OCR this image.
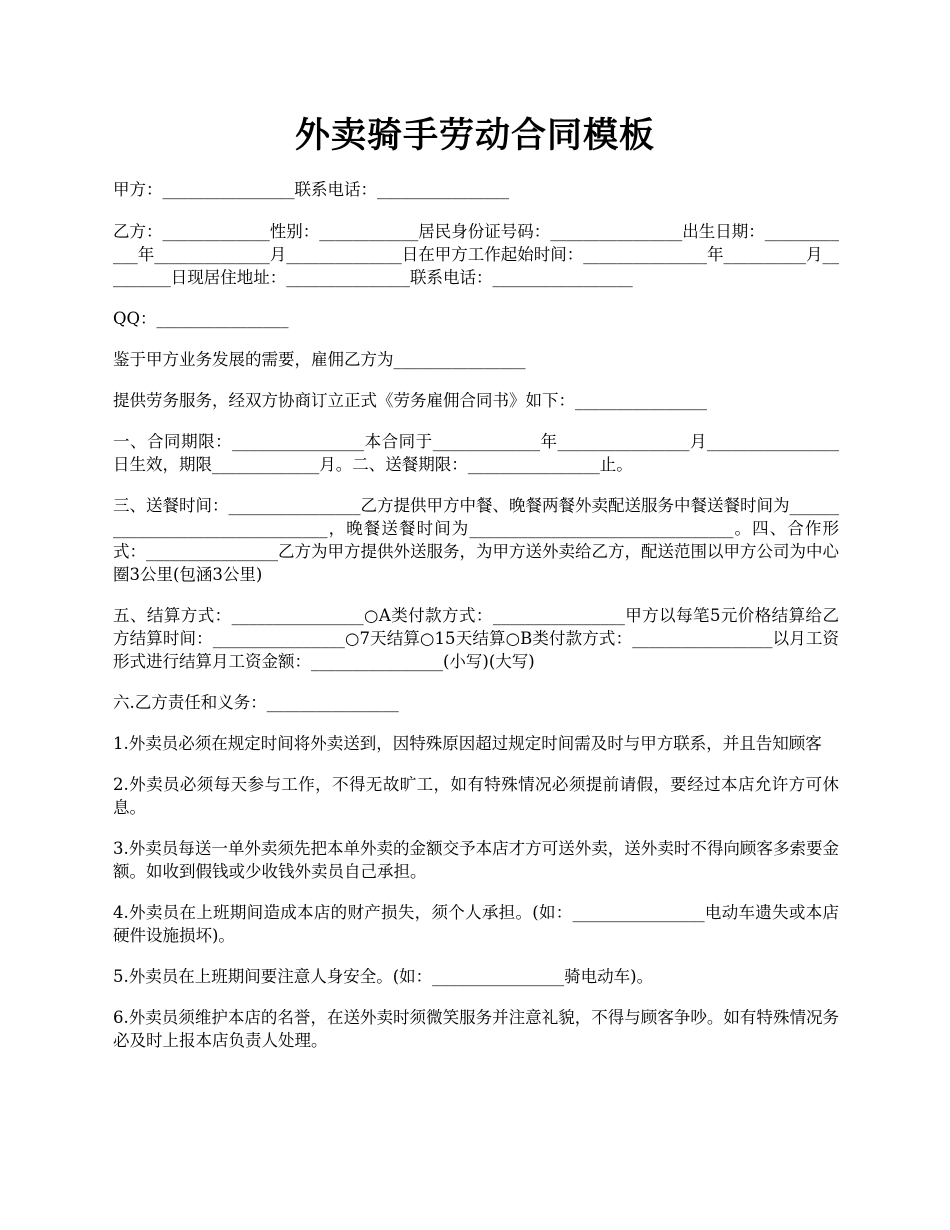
外卖骑手劳动合同模板

甲方：________________联系电话：________________

乙方：_____________性别：____________居民身份证号码：________________出生日期：____________年______________月______________日在甲方工作起始时间：_______________年__________月_________日现居住地址：_______________联系电话：_________________

QQ：________________

鉴于甲方业务发展的需要，雇佣乙方为________________

提供劳务服务，经双方协商订立正式《劳务雇佣合同书》如下：________________

一、合同期限：________________本合同于_____________年________________月________________日生效，期限_____________月。二、送餐期限：________________止。

三、送餐时间：________________乙方提供甲方中餐、晚餐两餐外卖配送服务中餐送餐时间为________________________________，晚餐送餐时间为________________________________。四、合作形式：________________乙方为甲方提供外送服务，为甲方送外卖给乙方，配送范围以甲方公司为中心圈3公里(包涵3公里)

五、结算方式：________________○A类付款方式：________________甲方以每笔5元价格结算给乙方结算时间：________________○7天结算○15天结算○B类付款方式：_________________以月工资形式进行结算月工资金额：________________(小写)(大写)

六.乙方责任和义务：________________

1.外卖员必须在规定时间将外卖送到，因特殊原因超过规定时间需及时与甲方联系，并且告知顾客

2.外卖员必须每天参与工作，不得无故旷工，如有特殊情况必须提前请假，要经过本店允许方可休息。

3.外卖员每送一单外卖须先把本单外卖的金额交予本店才方可送外卖，送外卖时不得向顾客多索要金额。如收到假钱或少收钱外卖员自己承担。

4.外卖员在上班期间造成本店的财产损失，须个人承担。(如：________________电动车遗失或本店硬件设施损坏)。

5.外卖员在上班期间要注意人身安全。(如：________________骑电动车)。

6.外卖员须维护本店的名誉，在送外卖时须微笑服务并注意礼貌，不得与顾客争吵。如有特殊情况务必及时上报本店负责人处理。
